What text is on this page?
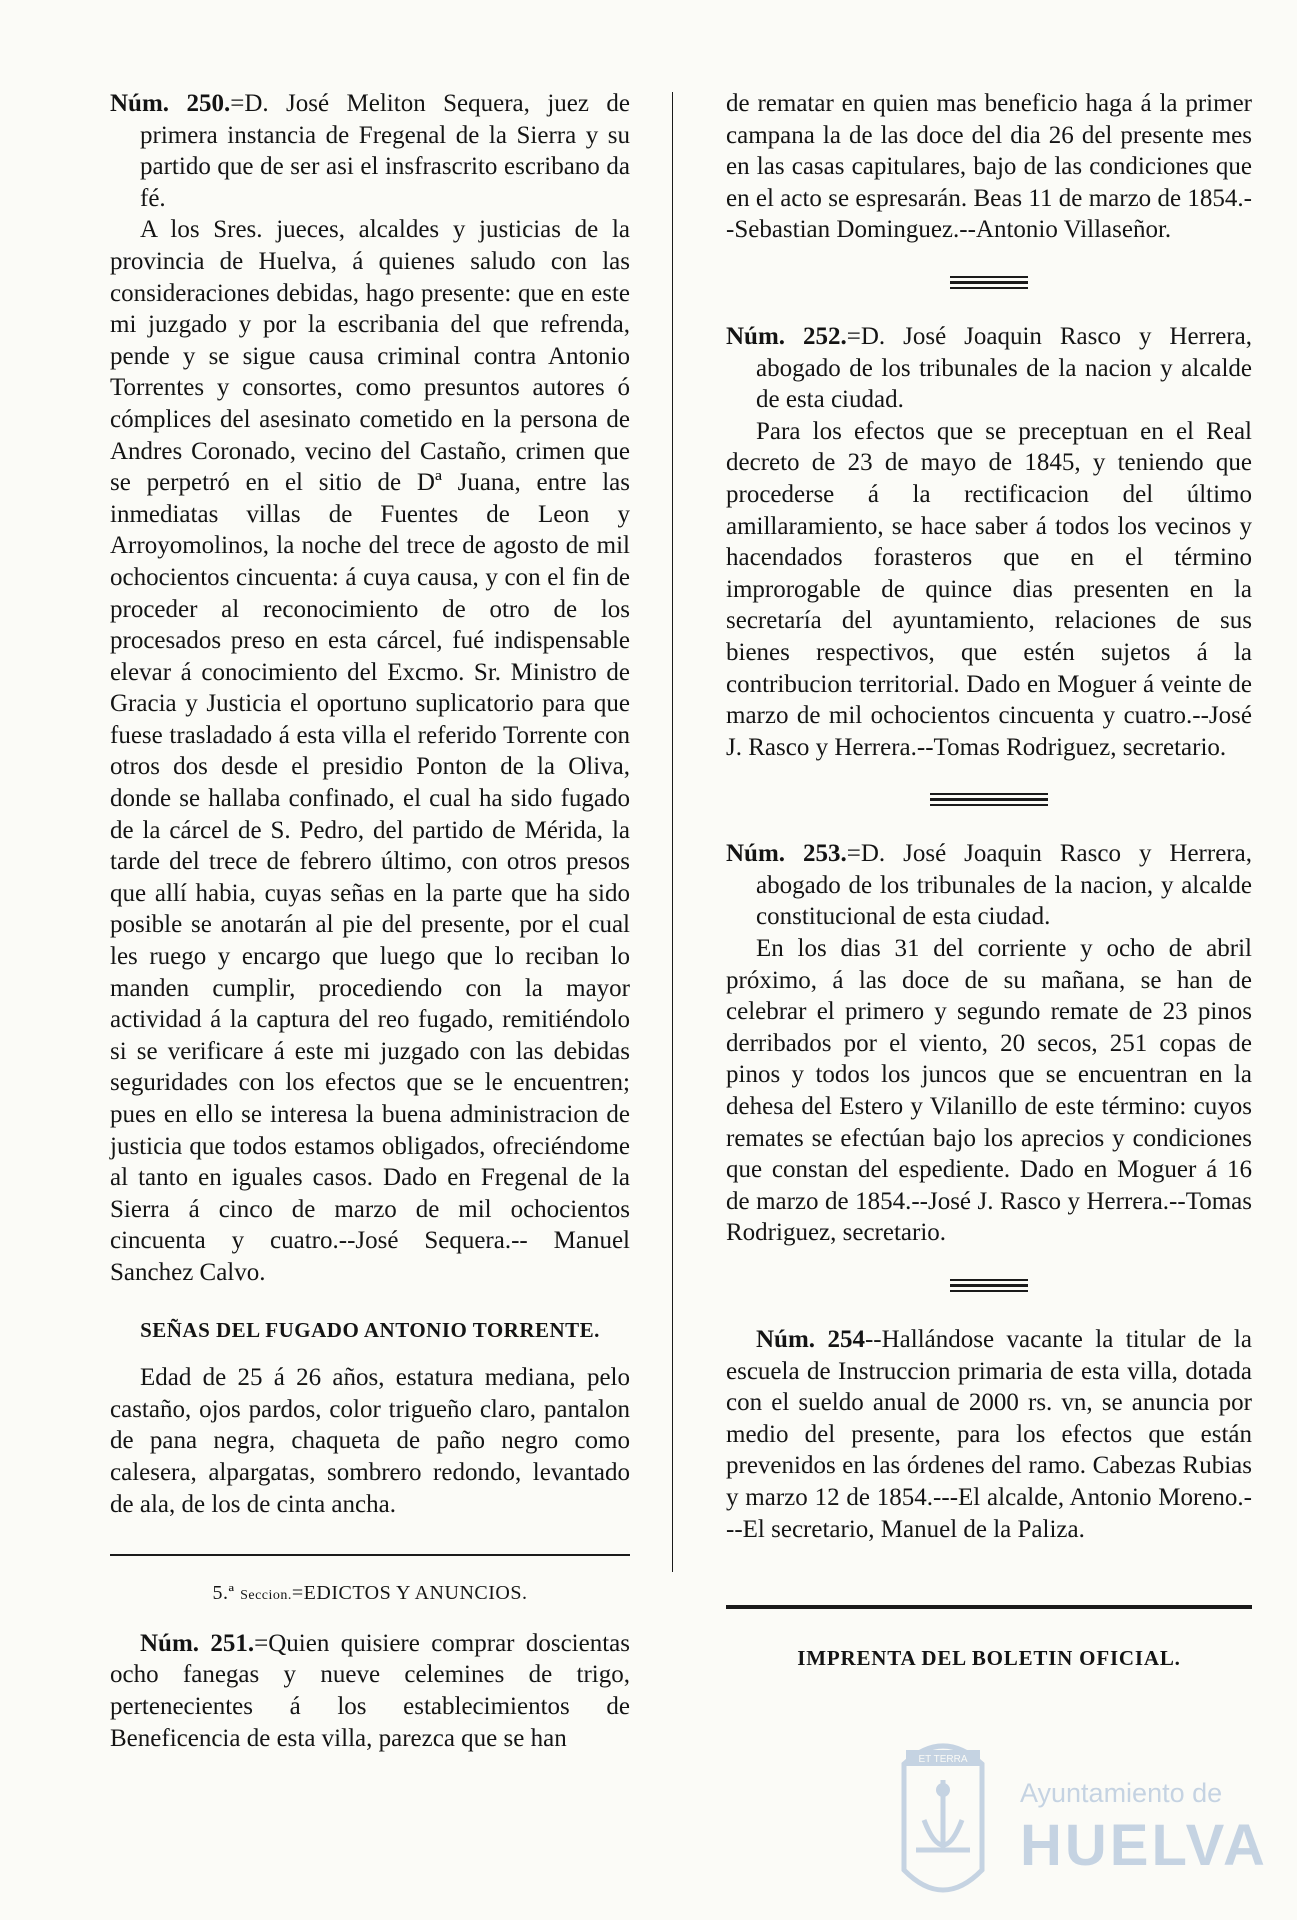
Núm. 250.=D. José Meliton Sequera, juez de primera instancia de Fregenal de la Sierra y su partido que de ser asi el insfrascrito escribano da fé.

A los Sres. jueces, alcaldes y justicias de la provincia de Huelva, á quienes saludo con las consideraciones debidas, hago presente: que en este mi juzgado y por la escribania del que refrenda, pende y se sigue causa criminal contra Antonio Torrentes y consortes, como presuntos autores ó cómplices del asesinato cometido en la persona de Andres Coronado, vecino del Castaño, crimen que se perpetró en el sitio de Dª Juana, entre las inmediatas villas de Fuentes de Leon y Arroyomolinos, la noche del trece de agosto de mil ochocientos cincuenta: á cuya causa, y con el fin de proceder al reconocimiento de otro de los procesados preso en esta cárcel, fué indispensable elevar á conocimiento del Excmo. Sr. Ministro de Gracia y Justicia el oportuno suplicatorio para que fuese trasladado á esta villa el referido Torrente con otros dos desde el presidio Ponton de la Oliva, donde se hallaba confinado, el cual ha sido fugado de la cárcel de S. Pedro, del partido de Mérida, la tarde del trece de febrero último, con otros presos que allí habia, cuyas señas en la parte que ha sido posible se anotarán al pie del presente, por el cual les ruego y encargo que luego que lo reciban lo manden cumplir, procediendo con la mayor actividad á la captura del reo fugado, remitiéndolo si se verificare á este mi juzgado con las debidas seguridades con los efectos que se le encuentren; pues en ello se interesa la buena administracion de justicia que todos estamos obligados, ofreciéndome al tanto en iguales casos. Dado en Fregenal de la Sierra á cinco de marzo de mil ochocientos cincuenta y cuatro.--José Sequera.-- Manuel Sanchez Calvo.

SEÑAS DEL FUGADO ANTONIO TORRENTE.

Edad de 25 á 26 años, estatura mediana, pelo castaño, ojos pardos, color trigueño claro, pantalon de pana negra, chaqueta de paño negro como calesera, alpargatas, sombrero redondo, levantado de ala, de los de cinta ancha.

5.ª Seccion.=EDICTOS Y ANUNCIOS.

Núm. 251.=Quien quisiere comprar doscientas ocho fanegas y nueve celemines de trigo, pertenecientes á los establecimientos de Beneficencia de esta villa, parezca que se han

de rematar en quien mas beneficio haga á la primer campana la de las doce del dia 26 del presente mes en las casas capitulares, bajo de las condiciones que en el acto se espresarán. Beas 11 de marzo de 1854.--Sebastian Dominguez.--Antonio Villaseñor.

Núm. 252.=D. José Joaquin Rasco y Herrera, abogado de los tribunales de la nacion y alcalde de esta ciudad.

Para los efectos que se preceptuan en el Real decreto de 23 de mayo de 1845, y teniendo que procederse á la rectificacion del último amillaramiento, se hace saber á todos los vecinos y hacendados forasteros que en el término improrogable de quince dias presenten en la secretaría del ayuntamiento, relaciones de sus bienes respectivos, que estén sujetos á la contribucion territorial. Dado en Moguer á veinte de marzo de mil ochocientos cincuenta y cuatro.--José J. Rasco y Herrera.--Tomas Rodriguez, secretario.

Núm. 253.=D. José Joaquin Rasco y Herrera, abogado de los tribunales de la nacion, y alcalde constitucional de esta ciudad.

En los dias 31 del corriente y ocho de abril próximo, á las doce de su mañana, se han de celebrar el primero y segundo remate de 23 pinos derribados por el viento, 20 secos, 251 copas de pinos y todos los juncos que se encuentran en la dehesa del Estero y Vilanillo de este término: cuyos remates se efectúan bajo los aprecios y condiciones que constan del espediente. Dado en Moguer á 16 de marzo de 1854.--José J. Rasco y Herrera.--Tomas Rodriguez, secretario.

Núm. 254--Hallándose vacante la titular de la escuela de Instruccion primaria de esta villa, dotada con el sueldo anual de 2000 rs. vn, se anuncia por medio del presente, para los efectos que están prevenidos en las órdenes del ramo. Cabezas Rubias y marzo 12 de 1854.---El alcalde, Antonio Moreno.---El secretario, Manuel de la Paliza.

IMPRENTA DEL BOLETIN OFICIAL.
ET TERRA
Ayuntamiento de
HUELVA
